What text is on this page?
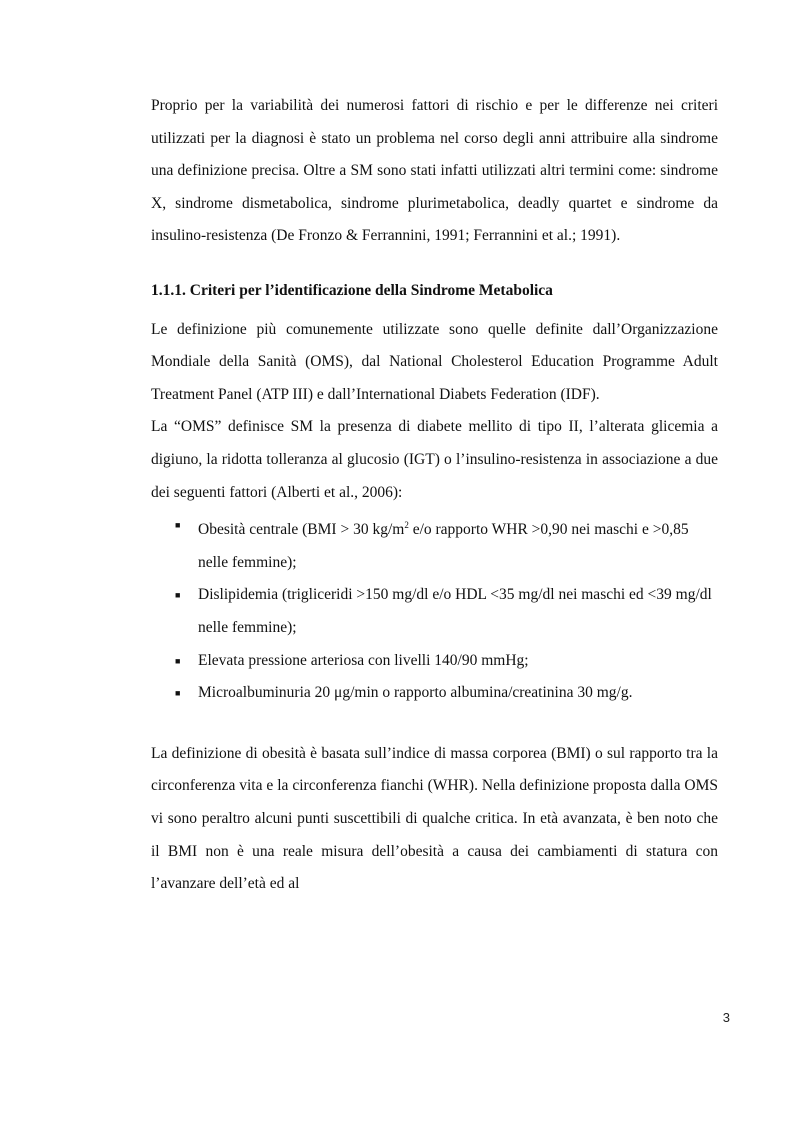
Proprio per la variabilità dei numerosi fattori di rischio e per le differenze nei criteri utilizzati per la diagnosi è stato un problema nel corso degli anni attribuire alla sindrome una definizione precisa. Oltre a SM sono stati infatti utilizzati altri termini come: sindrome X, sindrome dismetabolica, sindrome plurimetabolica, deadly quartet e sindrome da insulino-resistenza (De Fronzo & Ferrannini, 1991; Ferrannini et al.; 1991).

1.1.1. Criteri per l’identificazione della Sindrome Metabolica

Le definizione più comunemente utilizzate sono quelle definite dall’Organizzazione Mondiale della Sanità (OMS), dal National Cholesterol Education Programme Adult Treatment Panel (ATP III) e dall’International Diabets Federation (IDF).

La “OMS” definisce SM la presenza di diabete mellito di tipo II, l’alterata glicemia a digiuno, la ridotta tolleranza al glucosio (IGT) o l’insulino-resistenza in associazione a due dei seguenti fattori (Alberti et al., 2006):

■ Obesità centrale (BMI > 30 $kg/m^2$ e/o rapporto WHR >0,90 nei maschi e >0,85 nelle femmine);
■ Dislipidemia (trigliceridi >150 mg/dl e/o HDL <35 mg/dl nei maschi ed <39 mg/dl nelle femmine);
■ Elevata pressione arteriosa con livelli 140/90 mmHg;
■ Microalbuminuria 20 μg/min o rapporto albumina/creatinina 30 mg/g.

La definizione di obesità è basata sull’indice di massa corporea (BMI) o sul rapporto tra la circonferenza vita e la circonferenza fianchi (WHR). Nella definizione proposta dalla OMS vi sono peraltro alcuni punti suscettibili di qualche critica. In età avanzata, è ben noto che il BMI non è una reale misura dell’obesità a causa dei cambiamenti di statura con l’avanzare dell’età ed al

3
